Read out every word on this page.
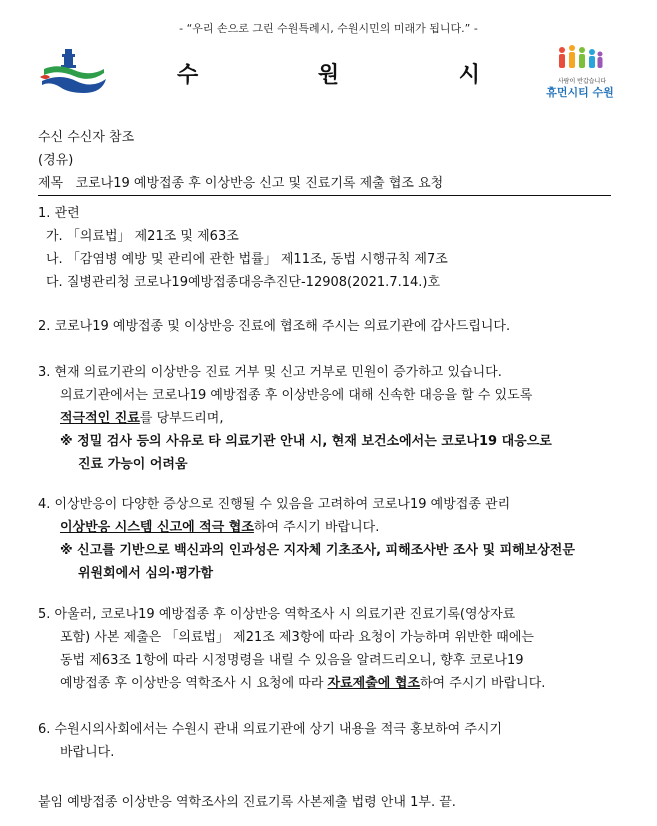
- “우리 손으로 그린 수원특례시, 수원시민의 미래가 됩니다.” -
수 원 시	사람이 반갑습니다
휴먼시티 수원
수신 수신자 참조
(경유)
제목 코로나19 예방접종 후 이상반응 신고 및 진료기록 제출 협조 요청
1. 관련
가. 「의료법」 제21조 및 제63조
나. 「감염병 예방 및 관리에 관한 법률」 제11조, 동법 시행규칙 제7조
다. 질병관리청 코로나19예방접종대응추진단-12908(2021.7.14.)호
2. 코로나19 예방접종 및 이상반응 진료에 협조해 주시는 의료기관에 감사드립니다.
3. 현재 의료기관의 이상반응 진료 거부 및 신고 거부로 민원이 증가하고 있습니다.
의료기관에서는 코로나19 예방접종 후 이상반응에 대해 신속한 대응을 할 수 있도록
적극적인 진료를 당부드리며,
※ 정밀 검사 등의 사유로 타 의료기관 안내 시, 현재 보건소에서는 코로나19 대응으로
진료 가능이 어려움
4. 이상반응이 다양한 증상으로 진행될 수 있음을 고려하여 코로나19 예방접종 관리
이상반응 시스템 신고에 적극 협조하여 주시기 바랍니다.
※ 신고를 기반으로 백신과의 인과성은 지자체 기초조사, 피해조사반 조사 및 피해보상전문
위원회에서 심의·평가함
5. 아울러, 코로나19 예방접종 후 이상반응 역학조사 시 의료기관 진료기록(영상자료
포함) 사본 제출은 「의료법」 제21조 제3항에 따라 요청이 가능하며 위반한 때에는
동법 제63조 1항에 따라 시정명령을 내릴 수 있음을 알려드리오니, 향후 코로나19
예방접종 후 이상반응 역학조사 시 요청에 따라 자료제출에 협조하여 주시기 바랍니다.
6. 수원시의사회에서는 수원시 관내 의료기관에 상기 내용을 적극 홍보하여 주시기
바랍니다.
붙임 예방접종 이상반응 역학조사의 진료기록 사본제출 법령 안내 1부. 끝.
